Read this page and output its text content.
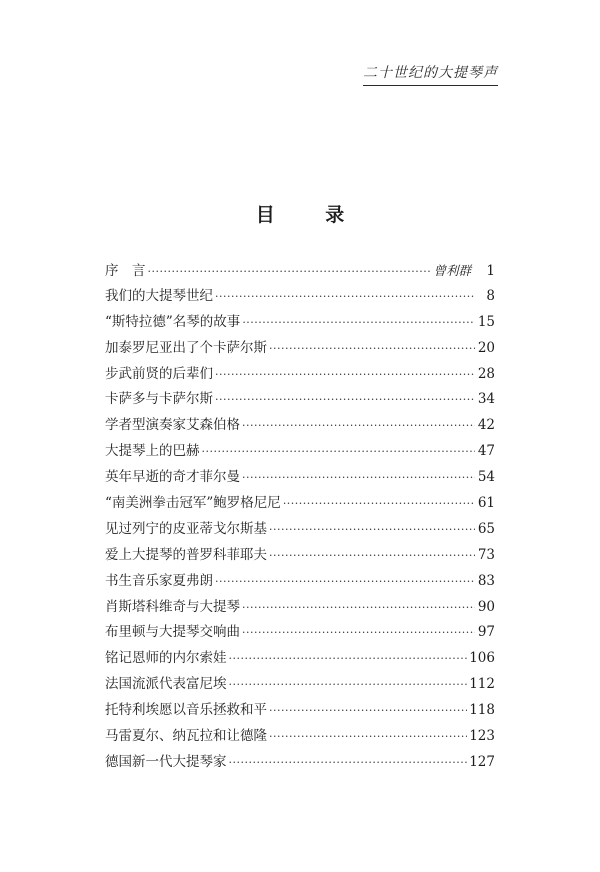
二十世纪的大提琴声
目 录
序　言 ·····	曾利群	1
我们的大提琴世纪 ·····	8
“斯特拉德”名琴的故事 ·····	15
加泰罗尼亚出了个卡萨尔斯 ·····	20
步武前贤的后辈们 ·····	28
卡萨多与卡萨尔斯 ·····	34
学者型演奏家艾森伯格 ·····	42
大提琴上的巴赫 ·····	47
英年早逝的奇才菲尔曼 ·····	54
“南美洲拳击冠军”鲍罗格尼尼 ·····	61
见过列宁的皮亚蒂戈尔斯基 ·····	65
爱上大提琴的普罗科菲耶夫 ·····	73
书生音乐家夏弗朗 ·····	83
肖斯塔科维奇与大提琴 ·····	90
布里顿与大提琴交响曲 ·····	97
铭记恩师的内尔索娃 ·····	106
法国流派代表富尼埃 ·····	112
托特利埃愿以音乐拯救和平 ·····	118
马雷夏尔、纳瓦拉和让德隆 ·····	123
德国新一代大提琴家 ·····	127
